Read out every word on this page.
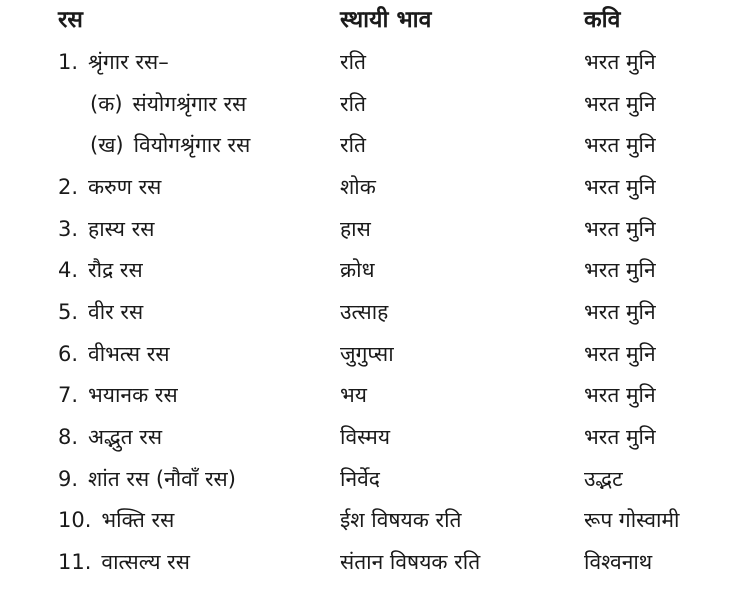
रस	स्थायी भाव	कवि
1. श्रृंगार रस–	रति	भरत मुनि
(क) संयोगश्रृंगार रस	रति	भरत मुनि
(ख) वियोगश्रृंगार रस	रति	भरत मुनि
2. करुण रस	शोक	भरत मुनि
3. हास्य रस	हास	भरत मुनि
4. रौद्र रस	क्रोध	भरत मुनि
5. वीर रस	उत्साह	भरत मुनि
6. वीभत्स रस	जुगुप्सा	भरत मुनि
7. भयानक रस	भय	भरत मुनि
8. अद्भुत रस	विस्मय	भरत मुनि
9. शांत रस (नौवाँ रस)	निर्वेद	उद्भट
10. भक्ति रस	ईश विषयक रति	रूप गोस्वामी
11. वात्सल्य रस	संतान विषयक रति	विश्वनाथ
